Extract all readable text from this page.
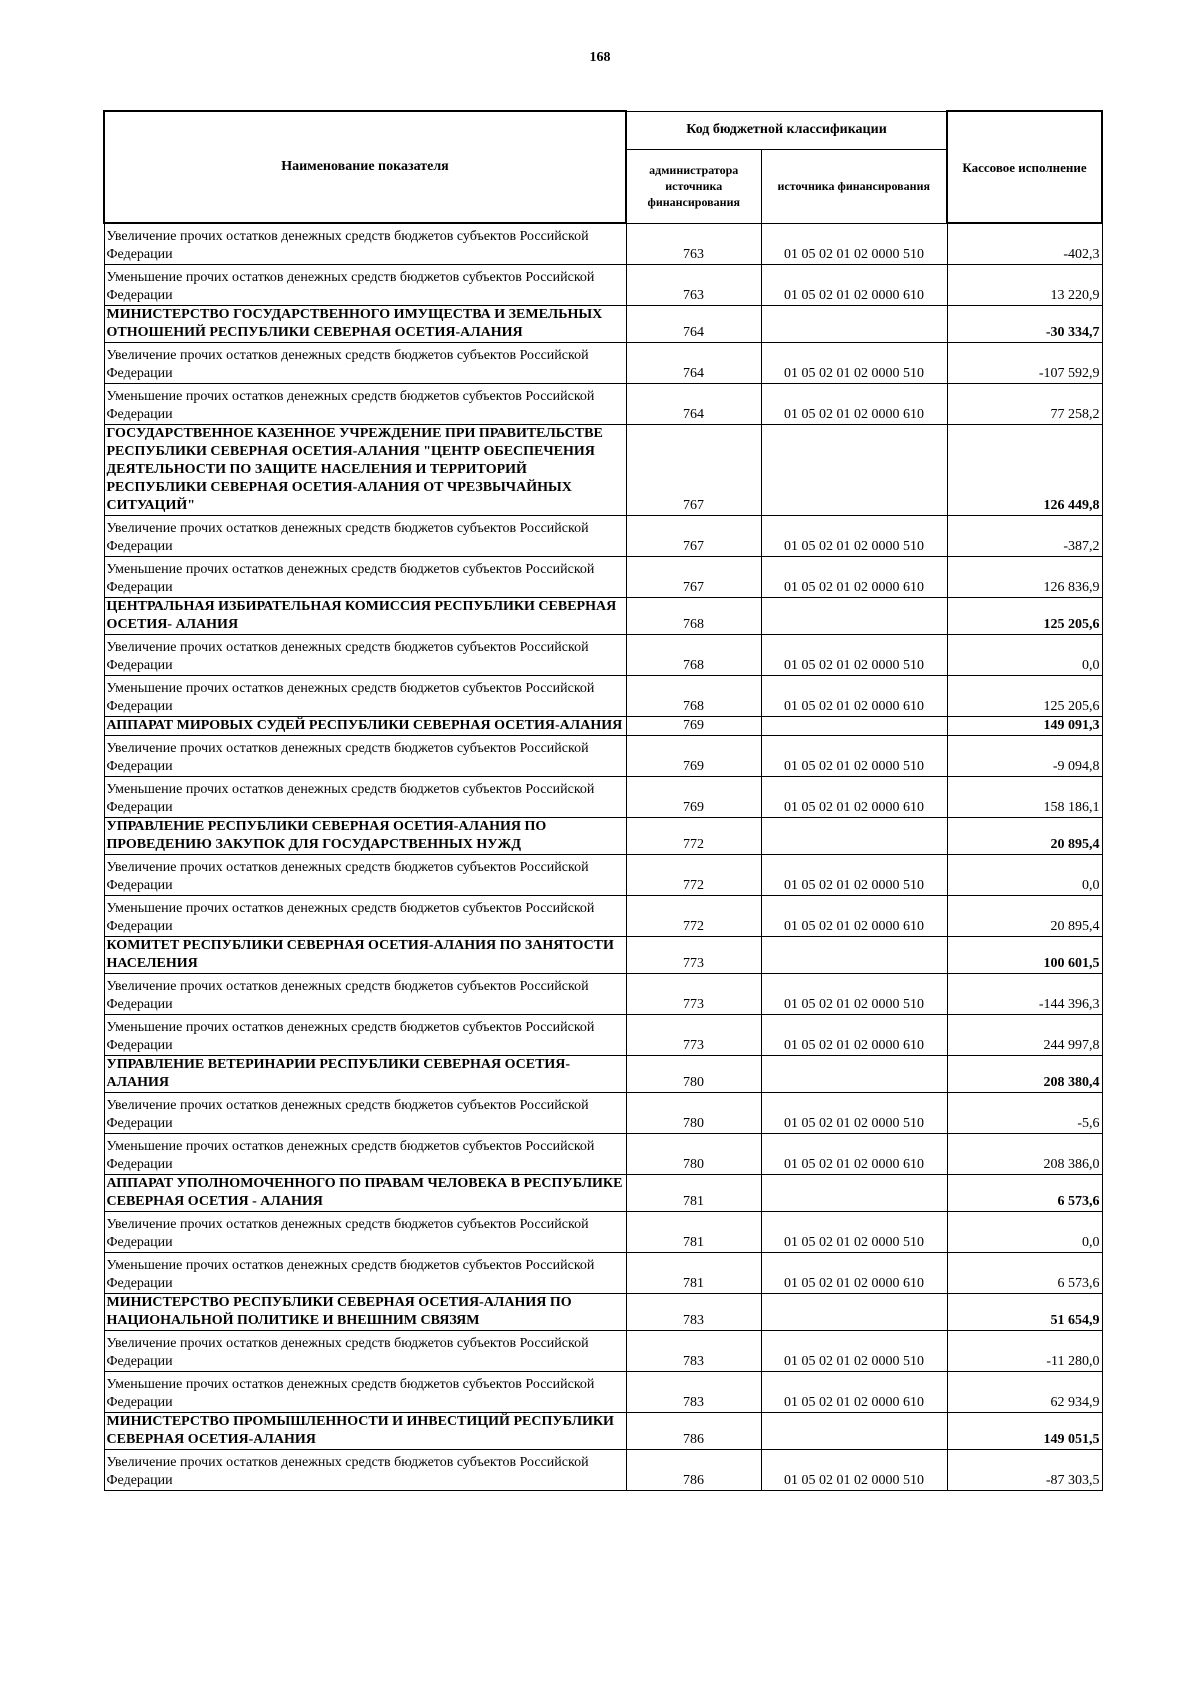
168
Наименование показателя	Код бюджетной классификации		Кассовое исполнение
	администратора источника финансирования	источника финансирования	
Увеличение прочих остатков денежных средств бюджетов субъектов Российской Федерации	763	01 05 02 01 02 0000 510	-402,3
Уменьшение прочих остатков денежных средств бюджетов субъектов Российской Федерации	763	01 05 02 01 02 0000 610	13 220,9
МИНИСТЕРСТВО ГОСУДАРСТВЕННОГО ИМУЩЕСТВА И ЗЕМЕЛЬНЫХ ОТНОШЕНИЙ РЕСПУБЛИКИ СЕВЕРНАЯ ОСЕТИЯ-АЛАНИЯ	764		-30 334,7
Увеличение прочих остатков денежных средств бюджетов субъектов Российской Федерации	764	01 05 02 01 02 0000 510	-107 592,9
Уменьшение прочих остатков денежных средств бюджетов субъектов Российской Федерации	764	01 05 02 01 02 0000 610	77 258,2
ГОСУДАРСТВЕННОЕ КАЗЕННОЕ УЧРЕЖДЕНИЕ ПРИ ПРАВИТЕЛЬСТВЕ РЕСПУБЛИКИ СЕВЕРНАЯ ОСЕТИЯ-АЛАНИЯ "ЦЕНТР ОБЕСПЕЧЕНИЯ ДЕЯТЕЛЬНОСТИ ПО ЗАЩИТЕ НАСЕЛЕНИЯ И ТЕРРИТОРИЙ РЕСПУБЛИКИ СЕВЕРНАЯ ОСЕТИЯ-АЛАНИЯ ОТ ЧРЕЗВЫЧАЙНЫХ СИТУАЦИЙ"	767		126 449,8
Увеличение прочих остатков денежных средств бюджетов субъектов Российской Федерации	767	01 05 02 01 02 0000 510	-387,2
Уменьшение прочих остатков денежных средств бюджетов субъектов Российской Федерации	767	01 05 02 01 02 0000 610	126 836,9
ЦЕНТРАЛЬНАЯ ИЗБИРАТЕЛЬНАЯ КОМИССИЯ РЕСПУБЛИКИ СЕВЕРНАЯ ОСЕТИЯ- АЛАНИЯ	768		125 205,6
Увеличение прочих остатков денежных средств бюджетов субъектов Российской Федерации	768	01 05 02 01 02 0000 510	0,0
Уменьшение прочих остатков денежных средств бюджетов субъектов Российской Федерации	768	01 05 02 01 02 0000 610	125 205,6
АППАРАТ МИРОВЫХ СУДЕЙ РЕСПУБЛИКИ СЕВЕРНАЯ ОСЕТИЯ-АЛАНИЯ	769		149 091,3
Увеличение прочих остатков денежных средств бюджетов субъектов Российской Федерации	769	01 05 02 01 02 0000 510	-9 094,8
Уменьшение прочих остатков денежных средств бюджетов субъектов Российской Федерации	769	01 05 02 01 02 0000 610	158 186,1
УПРАВЛЕНИЕ РЕСПУБЛИКИ СЕВЕРНАЯ ОСЕТИЯ-АЛАНИЯ ПО ПРОВЕДЕНИЮ ЗАКУПОК ДЛЯ ГОСУДАРСТВЕННЫХ НУЖД	772		20 895,4
Увеличение прочих остатков денежных средств бюджетов субъектов Российской Федерации	772	01 05 02 01 02 0000 510	0,0
Уменьшение прочих остатков денежных средств бюджетов субъектов Российской Федерации	772	01 05 02 01 02 0000 610	20 895,4
КОМИТЕТ РЕСПУБЛИКИ СЕВЕРНАЯ ОСЕТИЯ-АЛАНИЯ ПО ЗАНЯТОСТИ НАСЕЛЕНИЯ	773		100 601,5
Увеличение прочих остатков денежных средств бюджетов субъектов Российской Федерации	773	01 05 02 01 02 0000 510	-144 396,3
Уменьшение прочих остатков денежных средств бюджетов субъектов Российской Федерации	773	01 05 02 01 02 0000 610	244 997,8
УПРАВЛЕНИЕ ВЕТЕРИНАРИИ РЕСПУБЛИКИ СЕВЕРНАЯ ОСЕТИЯ-АЛАНИЯ	780		208 380,4
Увеличение прочих остатков денежных средств бюджетов субъектов Российской Федерации	780	01 05 02 01 02 0000 510	-5,6
Уменьшение прочих остатков денежных средств бюджетов субъектов Российской Федерации	780	01 05 02 01 02 0000 610	208 386,0
АППАРАТ УПОЛНОМОЧЕННОГО ПО ПРАВАМ ЧЕЛОВЕКА В РЕСПУБЛИКЕ СЕВЕРНАЯ ОСЕТИЯ - АЛАНИЯ	781		6 573,6
Увеличение прочих остатков денежных средств бюджетов субъектов Российской Федерации	781	01 05 02 01 02 0000 510	0,0
Уменьшение прочих остатков денежных средств бюджетов субъектов Российской Федерации	781	01 05 02 01 02 0000 610	6 573,6
МИНИСТЕРСТВО РЕСПУБЛИКИ СЕВЕРНАЯ ОСЕТИЯ-АЛАНИЯ ПО НАЦИОНАЛЬНОЙ ПОЛИТИКЕ И ВНЕШНИМ СВЯЗЯМ	783		51 654,9
Увеличение прочих остатков денежных средств бюджетов субъектов Российской Федерации	783	01 05 02 01 02 0000 510	-11 280,0
Уменьшение прочих остатков денежных средств бюджетов субъектов Российской Федерации	783	01 05 02 01 02 0000 610	62 934,9
МИНИСТЕРСТВО ПРОМЫШЛЕННОСТИ И ИНВЕСТИЦИЙ РЕСПУБЛИКИ СЕВЕРНАЯ ОСЕТИЯ-АЛАНИЯ	786		149 051,5
Увеличение прочих остатков денежных средств бюджетов субъектов Российской Федерации	786	01 05 02 01 02 0000 510	-87 303,5
